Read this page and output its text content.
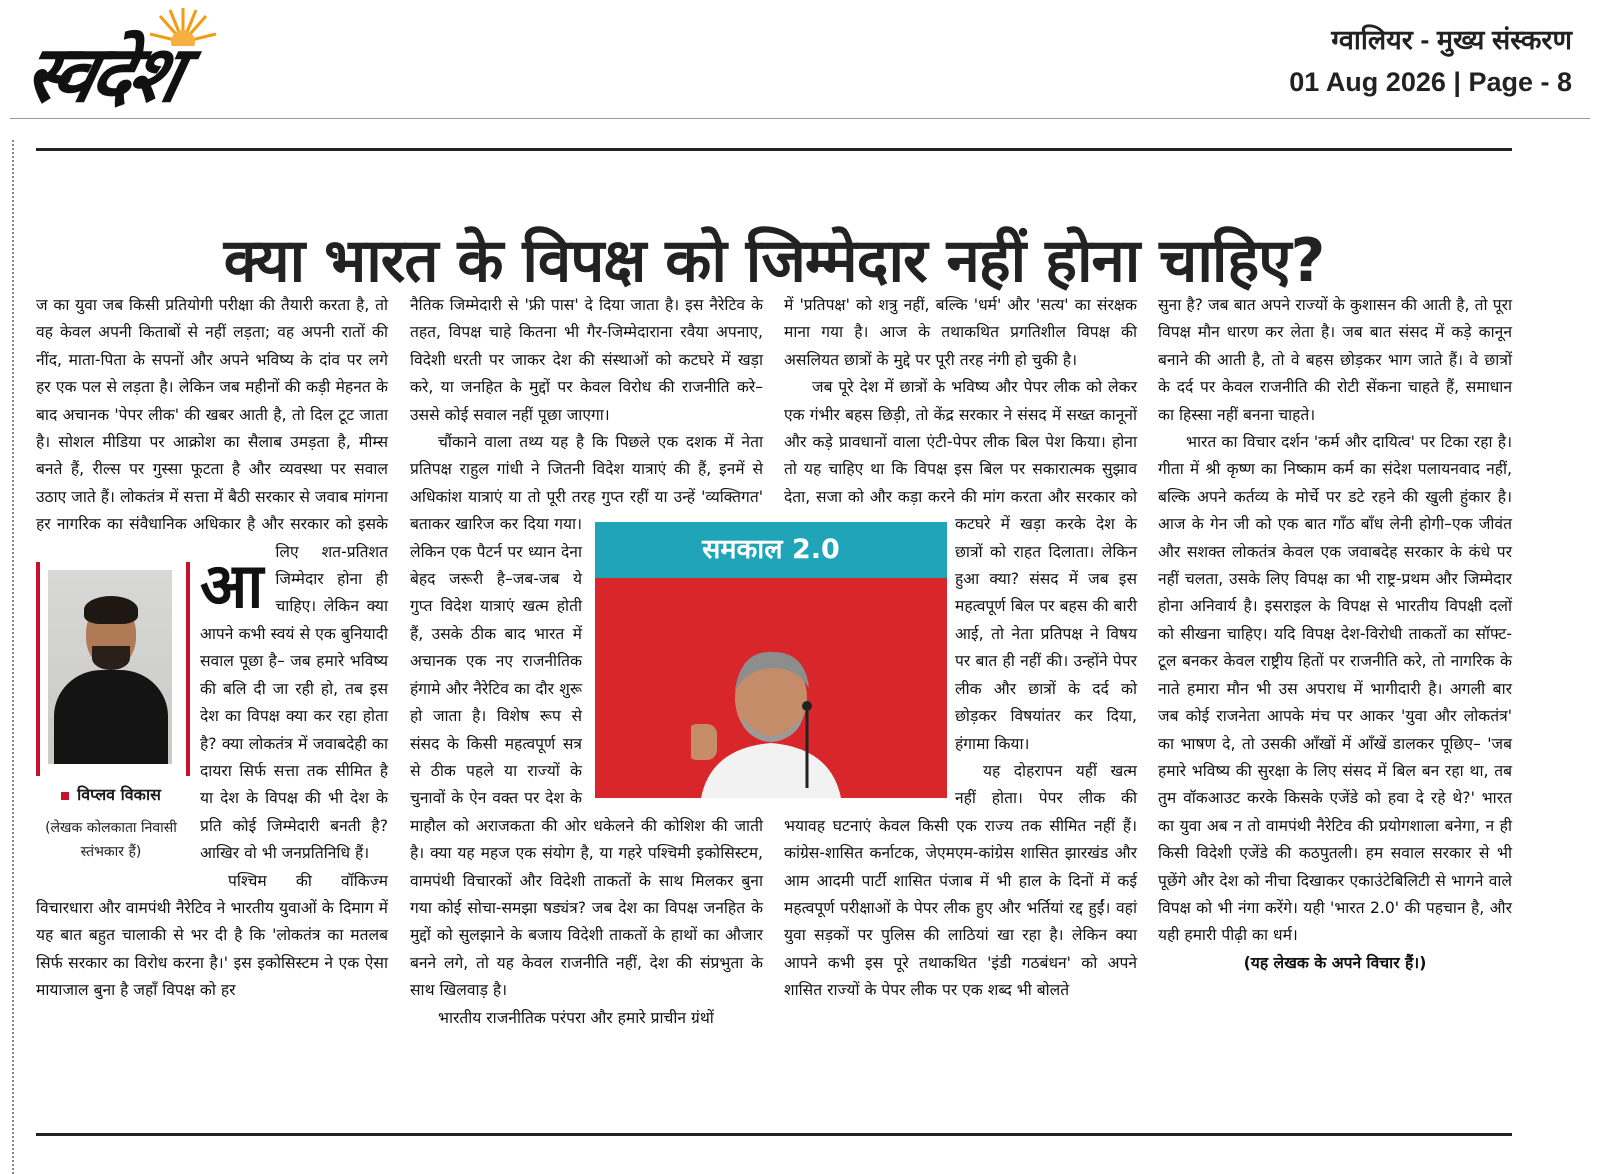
स्वदेश	ग्वालियर - मुख्य संस्करण
01 Aug 2026 | Page - 8
क्या भारत के विपक्ष को जिम्मेदार नहीं होना चाहिए?

आ
ज का युवा जब किसी प्रतियोगी परीक्षा की तैयारी करता है, तो वह केवल अपनी किताबों से नहीं लड़ता; वह अपनी रातों की नींद, माता-पिता के सपनों और अपने भविष्य के दांव पर लगे हर एक पल से लड़ता है। लेकिन जब महीनों की कड़ी मेहनत के बाद अचानक 'पेपर लीक' की खबर आती है, तो दिल टूट जाता है। सोशल मीडिया पर आक्रोश का सैलाब उमड़ता है, मीम्स बनते हैं, रील्स पर गुस्सा फूटता है और व्यवस्था पर सवाल उठाए जाते हैं। लोकतंत्र में सत्ता में बैठी सरकार से जवाब मांगना हर नागरिक का संवैधानिक अधिकार है और सरकार को इसके लिए शत-प्रतिशत जिम्मेदार होना ही चाहिए। लेकिन क्या आपने कभी स्वयं से एक बुनियादी सवाल पूछा है– जब हमारे भविष्य की बलि दी जा रही हो, तब इस देश का विपक्ष क्या कर रहा होता है? क्या लोकतंत्र में जवाबदेही का दायरा सिर्फ सत्ता तक सीमित है या देश के विपक्ष की भी देश के प्रति कोई जिम्मेदारी बनती है? आखिर वो भी जनप्रतिनिधि हैं।

पश्चिम की वॉकिज्म विचारधारा और वामपंथी नैरेटिव ने भारतीय युवाओं के दिमाग में यह बात बहुत चालाकी से भर दी है कि 'लोकतंत्र का मतलब सिर्फ सरकार का विरोध करना है।' इस इकोसिस्टम ने एक ऐसा मायाजाल बुना है जहाँ विपक्ष को हर

विप्लव विकास
(लेखक कोलकाता निवासी स्तंभकार हैं)

नैतिक जिम्मेदारी से 'फ्री पास' दे दिया जाता है। इस नैरेटिव के तहत, विपक्ष चाहे कितना भी गैर-जिम्मेदाराना रवैया अपनाए, विदेशी धरती पर जाकर देश की संस्थाओं को कटघरे में खड़ा करे, या जनहित के मुद्दों पर केवल विरोध की राजनीति करे–उससे कोई सवाल नहीं पूछा जाएगा।

चौंकाने वाला तथ्य यह है कि पिछले एक दशक में नेता प्रतिपक्ष राहुल गांधी ने जितनी विदेश यात्राएं की हैं, इनमें से अधिकांश यात्राएं या तो पूरी तरह गुप्त रहीं या उन्हें 'व्यक्तिगत' बताकर खारिज कर दिया गया। लेकिन एक पैटर्न पर ध्यान देना बेहद जरूरी है–जब-जब ये गुप्त विदेश यात्राएं खत्म होती हैं, उसके ठीक बाद भारत में अचानक एक नए राजनीतिक हंगामे और नैरेटिव का दौर शुरू हो जाता है। विशेष रूप से संसद के किसी महत्वपूर्ण सत्र से ठीक पहले या राज्यों के चुनावों के ऐन वक्त पर देश के माहौल को अराजकता की ओर धकेलने की कोशिश की जाती है। क्या यह महज एक संयोग है, या गहरे पश्चिमी इकोसिस्टम, वामपंथी विचारकों और विदेशी ताकतों के साथ मिलकर बुना गया कोई सोचा-समझा षड्यंत्र? जब देश का विपक्ष जनहित के मुद्दों को सुलझाने के बजाय विदेशी ताकतों के हाथों का औजार बनने लगे, तो यह केवल राजनीति नहीं, देश की संप्रभुता के साथ खिलवाड़ है।

भारतीय राजनीतिक परंपरा और हमारे प्राचीन ग्रंथों

में 'प्रतिपक्ष' को शत्रु नहीं, बल्कि 'धर्म' और 'सत्य' का संरक्षक माना गया है। आज के तथाकथित प्रगतिशील विपक्ष की असलियत छात्रों के मुद्दे पर पूरी तरह नंगी हो चुकी है।

जब पूरे देश में छात्रों के भविष्य और पेपर लीक को लेकर एक गंभीर बहस छिड़ी, तो केंद्र सरकार ने संसद में सख्त कानूनों और कड़े प्रावधानों वाला एंटी-पेपर लीक बिल पेश किया। होना तो यह चाहिए था कि विपक्ष इस बिल पर सकारात्मक सुझाव देता, सजा को और कड़ा करने की मांग करता और सरकार को कटघरे में खड़ा करके देश के छात्रों को राहत दिलाता। लेकिन हुआ क्या? संसद में जब इस महत्वपूर्ण बिल पर बहस की बारी आई, तो नेता प्रतिपक्ष ने विषय पर बात ही नहीं की। उन्होंने पेपर लीक और छात्रों के दर्द को छोड़कर विषयांतर कर दिया, हंगामा किया।

यह दोहरापन यहीं खत्म नहीं होता। पेपर लीक की भयावह घटनाएं केवल किसी एक राज्य तक सीमित नहीं हैं। कांग्रेस-शासित कर्नाटक, जेएमएम-कांग्रेस शासित झारखंड और आम आदमी पार्टी शासित पंजाब में भी हाल के दिनों में कई महत्वपूर्ण परीक्षाओं के पेपर लीक हुए और भर्तियां रद्द हुईं। वहां युवा सड़कों पर पुलिस की लाठियां खा रहा है। लेकिन क्या आपने कभी इस पूरे तथाकथित 'इंडी गठबंधन' को अपने शासित राज्यों के पेपर लीक पर एक शब्द भी बोलते

सुना है? जब बात अपने राज्यों के कुशासन की आती है, तो पूरा विपक्ष मौन धारण कर लेता है। जब बात संसद में कड़े कानून बनाने की आती है, तो वे बहस छोड़कर भाग जाते हैं। वे छात्रों के दर्द पर केवल राजनीति की रोटी सेंकना चाहते हैं, समाधान का हिस्सा नहीं बनना चाहते।

भारत का विचार दर्शन 'कर्म और दायित्व' पर टिका रहा है। गीता में श्री कृष्ण का निष्काम कर्म का संदेश पलायनवाद नहीं, बल्कि अपने कर्तव्य के मोर्चे पर डटे रहने की खुली हुंकार है। आज के गेन जी को एक बात गाँठ बाँध लेनी होगी–एक जीवंत और सशक्त लोकतंत्र केवल एक जवाबदेह सरकार के कंधे पर नहीं चलता, उसके लिए विपक्ष का भी राष्ट्र-प्रथम और जिम्मेदार होना अनिवार्य है। इसराइल के विपक्ष से भारतीय विपक्षी दलों को सीखना चाहिए। यदि विपक्ष देश-विरोधी ताकतों का सॉफ्ट-टूल बनकर केवल राष्ट्रीय हितों पर राजनीति करे, तो नागरिक के नाते हमारा मौन भी उस अपराध में भागीदारी है। अगली बार जब कोई राजनेता आपके मंच पर आकर 'युवा और लोकतंत्र' का भाषण दे, तो उसकी आँखों में आँखें डालकर पूछिए– 'जब हमारे भविष्य की सुरक्षा के लिए संसद में बिल बन रहा था, तब तुम वॉकआउट करके किसके एजेंडे को हवा दे रहे थे?' भारत का युवा अब न तो वामपंथी नैरेटिव की प्रयोगशाला बनेगा, न ही किसी विदेशी एजेंडे की कठपुतली। हम सवाल सरकार से भी पूछेंगे और देश को नीचा दिखाकर एकाउंटेबिलिटी से भागने वाले विपक्ष को भी नंगा करेंगे। यही 'भारत 2.0' की पहचान है, और यही हमारी पीढ़ी का धर्म।

(यह लेखक के अपने विचार हैं।)

समकाल 2.0
